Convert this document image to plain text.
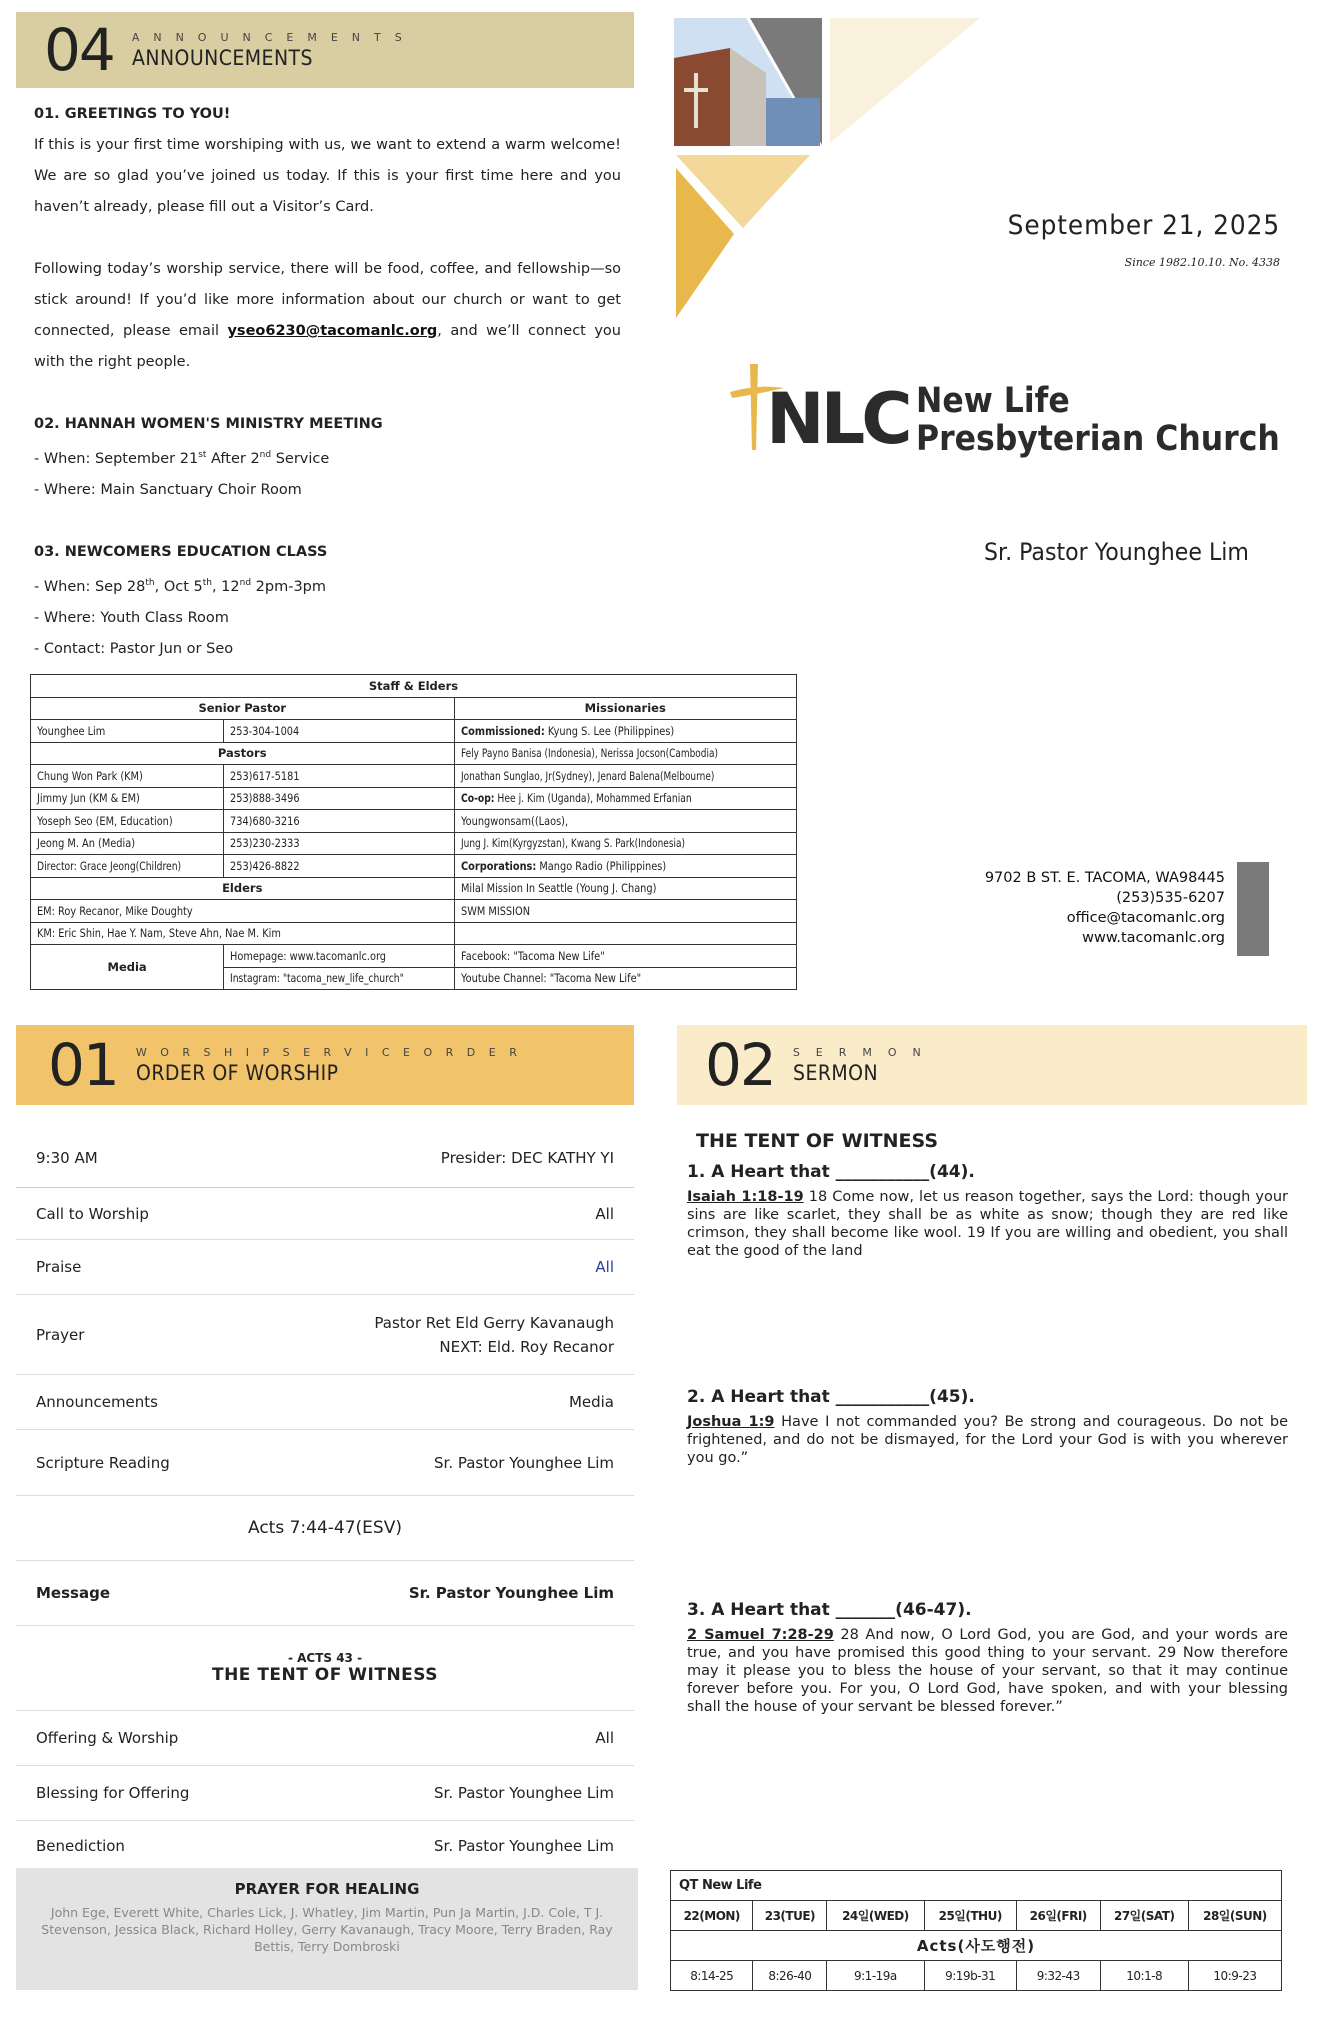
04 ANNOUNCEMENTS
ANNOUNCEMENTS
01. GREETINGS TO YOU!

If this is your first time worshiping with us, we want to extend a warm welcome! We are so glad you’ve joined us today. If this is your first time here and you haven’t already, please fill out a Visitor’s Card.

Following today’s worship service, there will be food, coffee, and fellowship—so stick around! If you’d like more information about our church or want to get connected, please email yseo6230@tacomanlc.org, and we’ll connect you with the right people.

02. HANNAH WOMEN'S MINISTRY MEETING

- When: September 21st After 2nd Service

- Where: Main Sanctuary Choir Room

03. NEWCOMERS EDUCATION CLASS

- When: Sep 28th, Oct 5th, 12nd 2pm-3pm

- Where: Youth Class Room

- Contact: Pastor Jun or Seo

Staff & Elders		
Senior Pastor		Missionaries
Younghee Lim	253-304-1004	Commissioned: Kyung S. Lee (Philippines)
Pastors		Fely Payno Banisa (Indonesia), Nerissa Jocson(Cambodia)
Chung Won Park (KM)	253)617-5181	Jonathan Sunglao, Jr(Sydney), Jenard Balena(Melbourne)
Jimmy Jun (KM & EM)	253)888-3496	Co-op: Hee j. Kim (Uganda), Mohammed Erfanian
Yoseph Seo (EM, Education)	734)680-3216	Youngwonsam((Laos),
Jeong M. An (Media)	253)230-2333	Jung J. Kim(Kyrgyzstan), Kwang S. Park(Indonesia)
Director: Grace Jeong(Children)	253)426-8822	Corporations: Mango Radio (Philippines)
Elders		Milal Mission In Seattle (Young J. Chang)
EM: Roy Recanor, Mike Doughty		SWM MISSION
KM: Eric Shin, Hae Y. Nam, Steve Ahn, Nae M. Kim		
Media	Homepage: www.tacomanlc.org	Facebook: "Tacoma New Life"
	Instagram: "tacoma_new_life_church"	Youtube Channel: "Tacoma New Life"
September 21, 2025
Since 1982.10.10. No. 4338
NLC New Life
Presbyterian Church
Sr. Pastor Younghee Lim
9702 B ST. E. TACOMA, WA98445
(253)535-6207
office@tacomanlc.org
www.tacomanlc.org
01 WORSHIPSERVICEORDER
ORDER OF WORSHIP
9:30 AM	Presider: DEC KATHY YI
Call to Worship	All
Praise	All
Prayer
Pastor Ret Eld Gerry Kavanaugh
NEXT: Eld. Roy Recanor
Announcements	Media
Scripture Reading	Sr. Pastor Younghee Lim
Acts 7:44-47(ESV)
Message	Sr. Pastor Younghee Lim
- ACTS 43 -
THE TENT OF WITNESS
Offering & Worship	All
Blessing for Offering	Sr. Pastor Younghee Lim
Benediction	Sr. Pastor Younghee Lim
PRAYER FOR HEALING
John Ege, Everett White, Charles Lick, J. Whatley, Jim Martin, Pun Ja Martin, J.D. Cole, T J. Stevenson, Jessica Black, Richard Holley, Gerry Kavanaugh, Tracy Moore, Terry Braden, Ray Bettis, Terry Dombroski
02 SERMON
SERMON
THE TENT OF WITNESS
1. A Heart that ___________(44).

Isaiah 1:18-19 18 Come now, let us reason together, says the Lord: though your sins are like scarlet, they shall be as white as snow; though they are red like crimson, they shall become like wool. 19 If you are willing and obedient, you shall eat the good of the land

2. A Heart that ___________(45).

Joshua 1:9 Have I not commanded you? Be strong and courageous. Do not be frightened, and do not be dismayed, for the Lord your God is with you wherever you go.”

3. A Heart that _______(46-47).

2 Samuel 7:28-29 28 And now, O Lord God, you are God, and your words are true, and you have promised this good thing to your servant. 29 Now therefore may it please you to bless the house of your servant, so that it may continue forever before you. For you, O Lord God, have spoken, and with your blessing shall the house of your servant be blessed forever.”

QT New Life						
22(MON)	23(TUE)	24일(WED)	25일(THU)	26일(FRI)	27일(SAT)	28일(SUN)
Acts(사도행전)						
8:14-25	8:26-40	9:1-19a	9:19b-31	9:32-43	10:1-8	10:9-23
